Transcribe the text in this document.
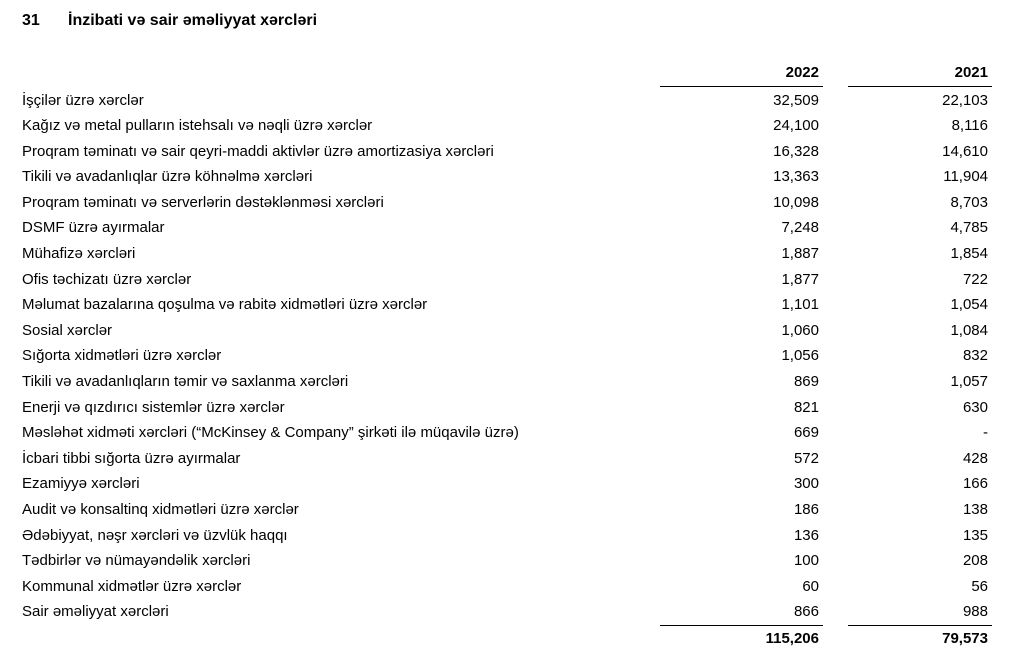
31	İnzibati və sair əməliyyat xərcləri
2022	2021
İşçilər üzrə xərclər	32,509	22,103
Kağız və metal pulların istehsalı və nəqli üzrə xərclər	24,100	8,116
Proqram təminatı və sair qeyri-maddi aktivlər üzrə amortizasiya xərcləri	16,328	14,610
Tikili və avadanlıqlar üzrə köhnəlmə xərcləri	13,363	11,904
Proqram təminatı və serverlərin dəstəklənməsi xərcləri	10,098	8,703
DSMF üzrə ayırmalar	7,248	4,785
Mühafizə xərcləri	1,887	1,854
Ofis təchizatı üzrə xərclər	1,877	722
Məlumat bazalarına qoşulma və rabitə xidmətləri üzrə xərclər	1,101	1,054
Sosial xərclər	1,060	1,084
Sığorta xidmətləri üzrə xərclər	1,056	832
Tikili və avadanlıqların təmir və saxlanma xərcləri	869	1,057
Enerji və qızdırıcı sistemlər üzrə xərclər	821	630
Məsləhət xidməti xərcləri (“McKinsey & Company” şirkəti ilə müqavilə üzrə)	669	-
İcbari tibbi sığorta üzrə ayırmalar	572	428
Ezamiyyə xərcləri	300	166
Audit və konsaltinq xidmətləri üzrə xərclər	186	138
Ədəbiyyat, nəşr xərcləri və üzvlük haqqı	136	135
Tədbirlər və nümayəndəlik xərcləri	100	208
Kommunal xidmətlər üzrə xərclər	60	56
Sair əməliyyat xərcləri	866	988
115,206	79,573
